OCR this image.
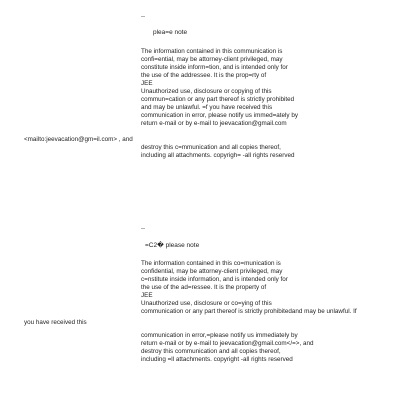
--
plea=e note
The information contained in this communication is
confi=ential, may be attorney-client privileged, may
constitute inside inform=tion, and is intended only for
the use of the addressee. It is the prop=rty of
JEE
Unauthorized use, disclosure or copying of this
commun=cation or any part thereof is strictly prohibited
and may be unlawful. =f you have received this
communication in error, please notify us immed=ately by
return e-mail or by e-mail to jeevacation@gmail.com
<mailto:jeevacation@gm=il.com> , and
destroy this c=mmunication and all copies thereof,
including all attachments. copyrigh= -all rights reserved
--
=C2� please note
The information contained in this co=munication is
confidential, may be attorney-client privileged, may
c=nstitute inside information, and is intended only for
the use of the ad=ressee. It is the property of
JEE
Unauthorized use, disclosure or co=ying of this
communication or any part thereof is strictly prohibitedand may be unlawful. If
you have received this
communication in error,=please notify us immediately by
return e-mail or by e-mail to jeevacation@gmail.com</=>, and
destroy this communication and all copies thereof,
including =ll attachments. copyright -all rights reserved
